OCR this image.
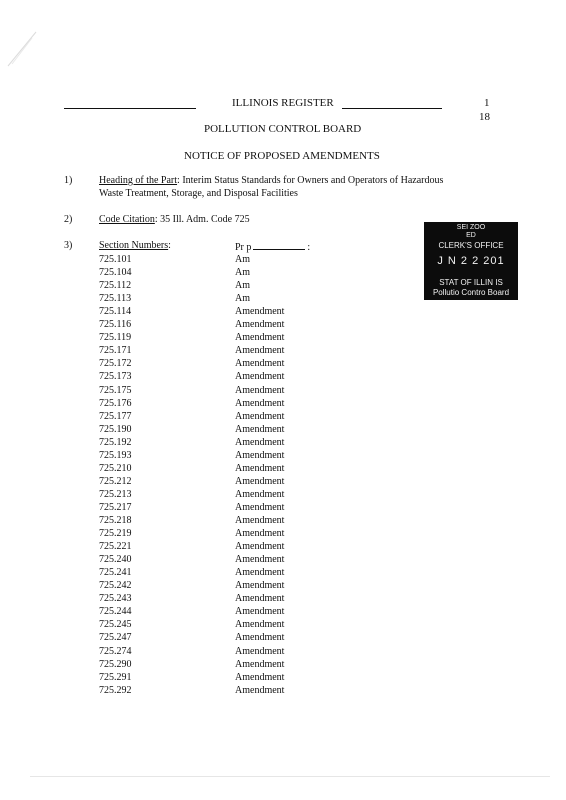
ILLINOIS REGISTER	1
18
POLLUTION CONTROL BOARD
NOTICE OF PROPOSED AMENDMENTS
1)	Heading of the Part: Interim Status Standards for Owners and Operators of Hazardous
Waste Treatment, Storage, and Disposal Facilities
2)	Code Citation: 35 Ill. Adm. Code 725
3)	Section Numbers:	Pr p	:
725.101	Am
725.104	Am
725.112	Am
725.113	Am
725.114	Amendment
725.116	Amendment
725.119	Amendment
725.171	Amendment
725.172	Amendment
725.173	Amendment
725.175	Amendment
725.176	Amendment
725.177	Amendment
725.190	Amendment
725.192	Amendment
725.193	Amendment
725.210	Amendment
725.212	Amendment
725.213	Amendment
725.217	Amendment
725.218	Amendment
725.219	Amendment
725.221	Amendment
725.240	Amendment
725.241	Amendment
725.242	Amendment
725.243	Amendment
725.244	Amendment
725.245	Amendment
725.247	Amendment
725.274	Amendment
725.290	Amendment
725.291	Amendment
725.292	Amendment
SEI ZOO
ED
CLERK'S OFFICE
J N 2 2 201
STAT OF ILLIN IS
Pollutio Contro Board
